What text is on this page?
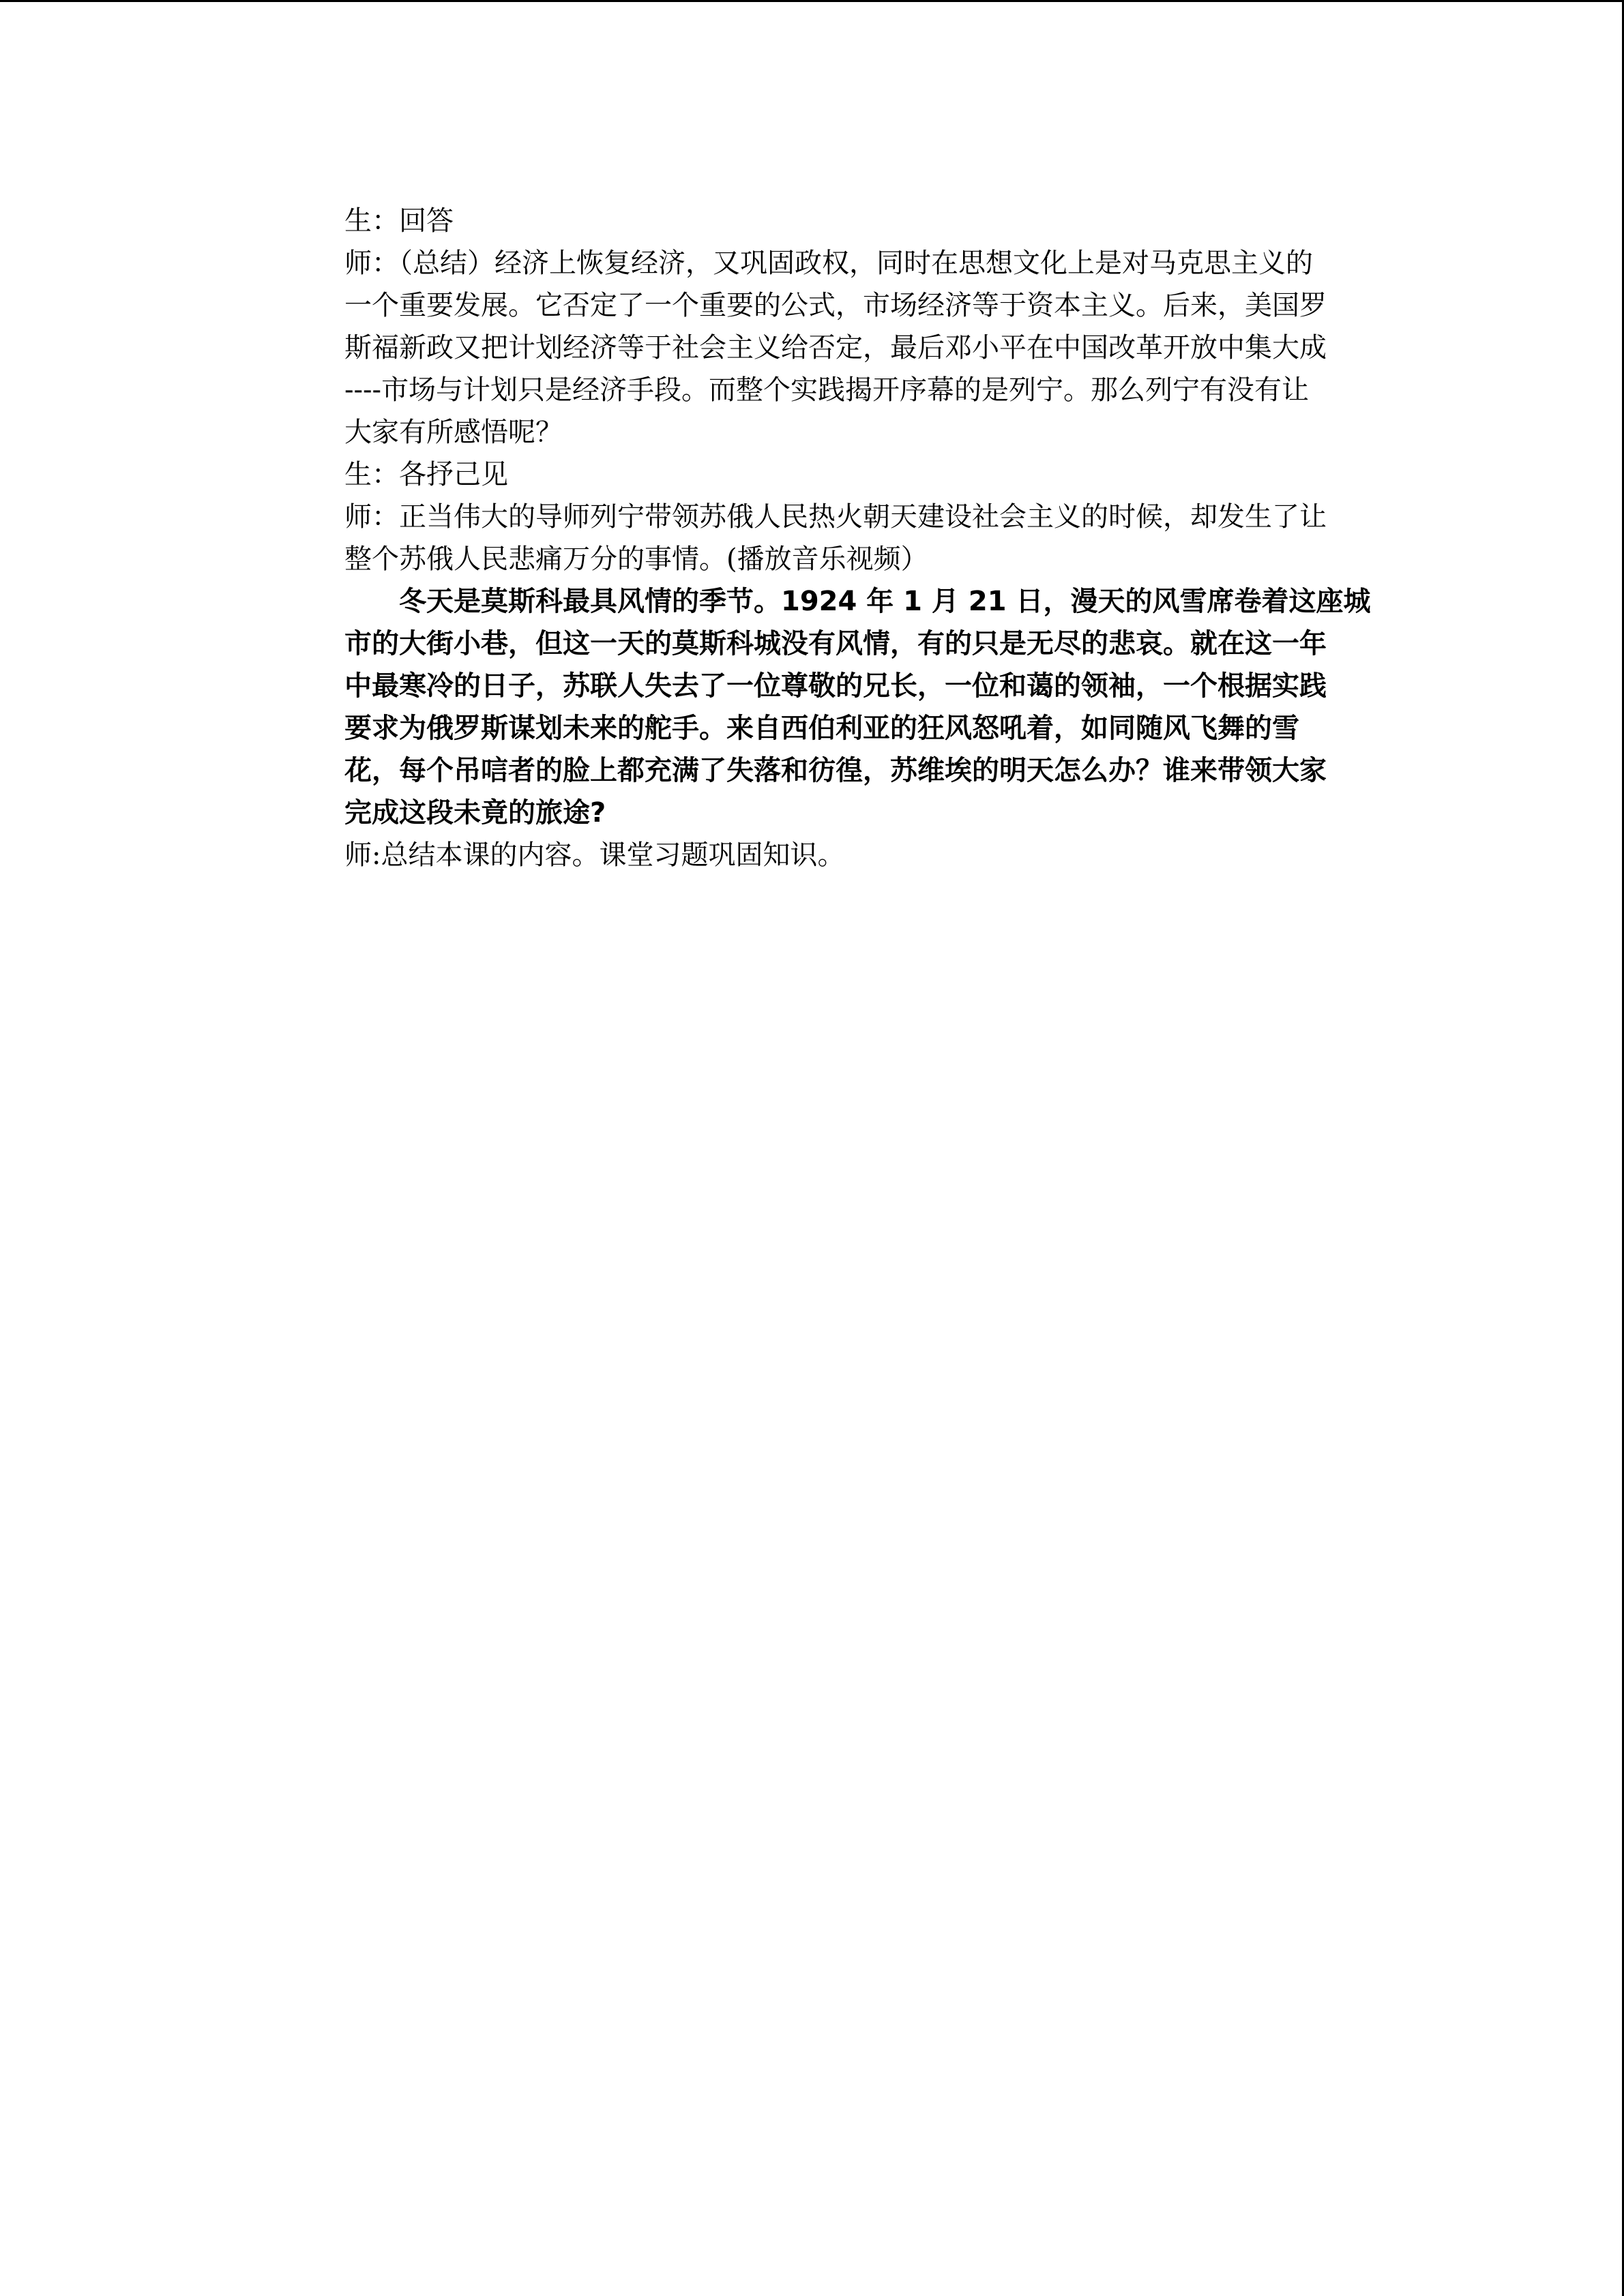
生：回答

师：（总结）经济上恢复经济，又巩固政权，同时在思想文化上是对马克思主义的

一个重要发展。它否定了一个重要的公式，市场经济等于资本主义。后来，美国罗

斯福新政又把计划经济等于社会主义给否定，最后邓小平在中国改革开放中集大成

----市场与计划只是经济手段。而整个实践揭开序幕的是列宁。那么列宁有没有让

大家有所感悟呢？

生：各抒己见

师：正当伟大的导师列宁带领苏俄人民热火朝天建设社会主义的时候，却发生了让

整个苏俄人民悲痛万分的事情。(播放音乐视频）

冬天是莫斯科最具风情的季节。1924 年 1 月 21 日，漫天的风雪席卷着这座城

市的大街小巷，但这一天的莫斯科城没有风情，有的只是无尽的悲哀。就在这一年

中最寒冷的日子，苏联人失去了一位尊敬的兄长，一位和蔼的领袖，一个根据实践

要求为俄罗斯谋划未来的舵手。来自西伯利亚的狂风怒吼着，如同随风飞舞的雪

花，每个吊唁者的脸上都充满了失落和彷徨，苏维埃的明天怎么办？谁来带领大家

完成这段未竟的旅途?

师:总结本课的内容。课堂习题巩固知识。
